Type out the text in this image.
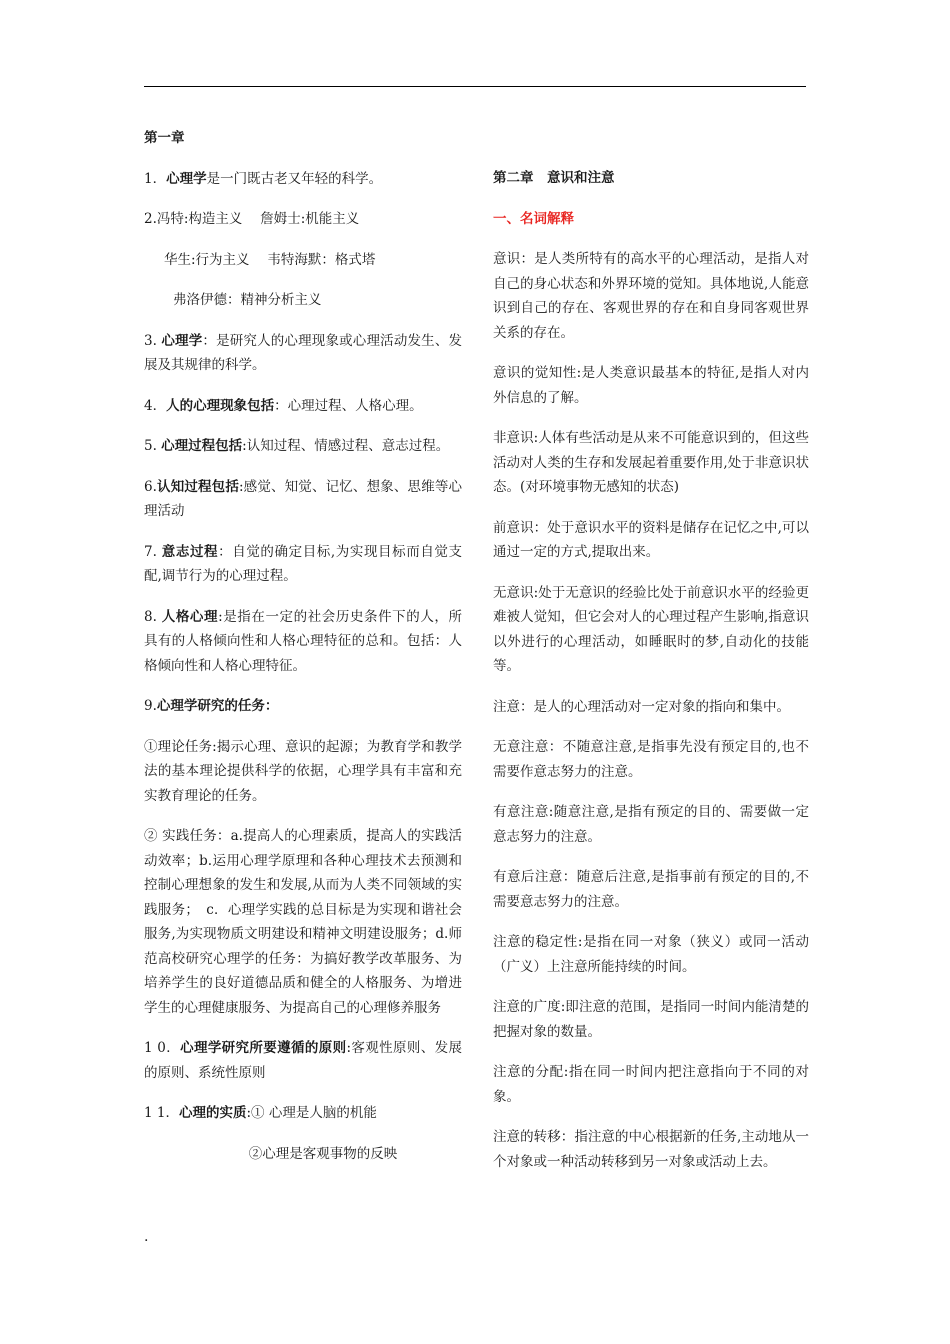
第一章

1．心理学是一门既古老又年轻的科学。

2.冯特:构造主义　 詹姆士:机能主义

华生:行为主义　 韦特海默：格式塔

弗洛伊德：精神分析主义

3. 心理学：是研究人的心理现象或心理活动发生、发展及其规律的科学。

4．人的心理现象包括：心理过程、人格心理。

5. 心理过程包括:认知过程、情感过程、意志过程。

6.认知过程包括:感觉、知觉、记忆、想象、思维等心理活动

7. 意志过程：自觉的确定目标,为实现目标而自觉支配,调节行为的心理过程。

8. 人格心理:是指在一定的社会历史条件下的人，所具有的人格倾向性和人格心理特征的总和。包括：人格倾向性和人格心理特征。

9.心理学研究的任务：

①理论任务:揭示心理、意识的起源；为教育学和教学法的基本理论提供科学的依据，心理学具有丰富和充实教育理论的任务。

② 实践任务：a.提高人的心理素质，提高人的实践活动效率；b.运用心理学原理和各种心理技术去预测和控制心理想象的发生和发展,从而为人类不同领域的实践服务；　c．心理学实践的总目标是为实现和谐社会服务,为实现物质文明建设和精神文明建设服务；d.师范高校研究心理学的任务：为搞好教学改革服务、为培养学生的良好道德品质和健全的人格服务、为增进学生的心理健康服务、为提高自己的心理修养服务

1 0．心理学研究所要遵循的原则:客观性原则、发展的原则、系统性原则

1 1．心理的实质:① 心理是人脑的机能

②心理是客观事物的反映

第二章　意识和注意

一、名词解释

意识：是人类所特有的高水平的心理活动，是指人对自己的身心状态和外界环境的觉知。具体地说,人能意识到自己的存在、客观世界的存在和自身同客观世界关系的存在。

意识的觉知性:是人类意识最基本的特征,是指人对内外信息的了解。

非意识:人体有些活动是从来不可能意识到的，但这些活动对人类的生存和发展起着重要作用,处于非意识状态。(对环境事物无感知的状态)

前意识：处于意识水平的资料是储存在记忆之中,可以通过一定的方式,提取出来。

无意识:处于无意识的经验比处于前意识水平的经验更难被人觉知，但它会对人的心理过程产生影响,指意识以外进行的心理活动，如睡眠时的梦,自动化的技能等。

注意：是人的心理活动对一定对象的指向和集中。

无意注意：不随意注意,是指事先没有预定目的,也不需要作意志努力的注意。

有意注意:随意注意,是指有预定的目的、需要做一定意志努力的注意。

有意后注意：随意后注意,是指事前有预定的目的,不需要意志努力的注意。

注意的稳定性:是指在同一对象（狭义）或同一活动（广义）上注意所能持续的时间。

注意的广度:即注意的范围，是指同一时间内能清楚的把握对象的数量。

注意的分配:指在同一时间内把注意指向于不同的对象。

注意的转移：指注意的中心根据新的任务,主动地从一个对象或一种活动转移到另一对象或活动上去。

.
